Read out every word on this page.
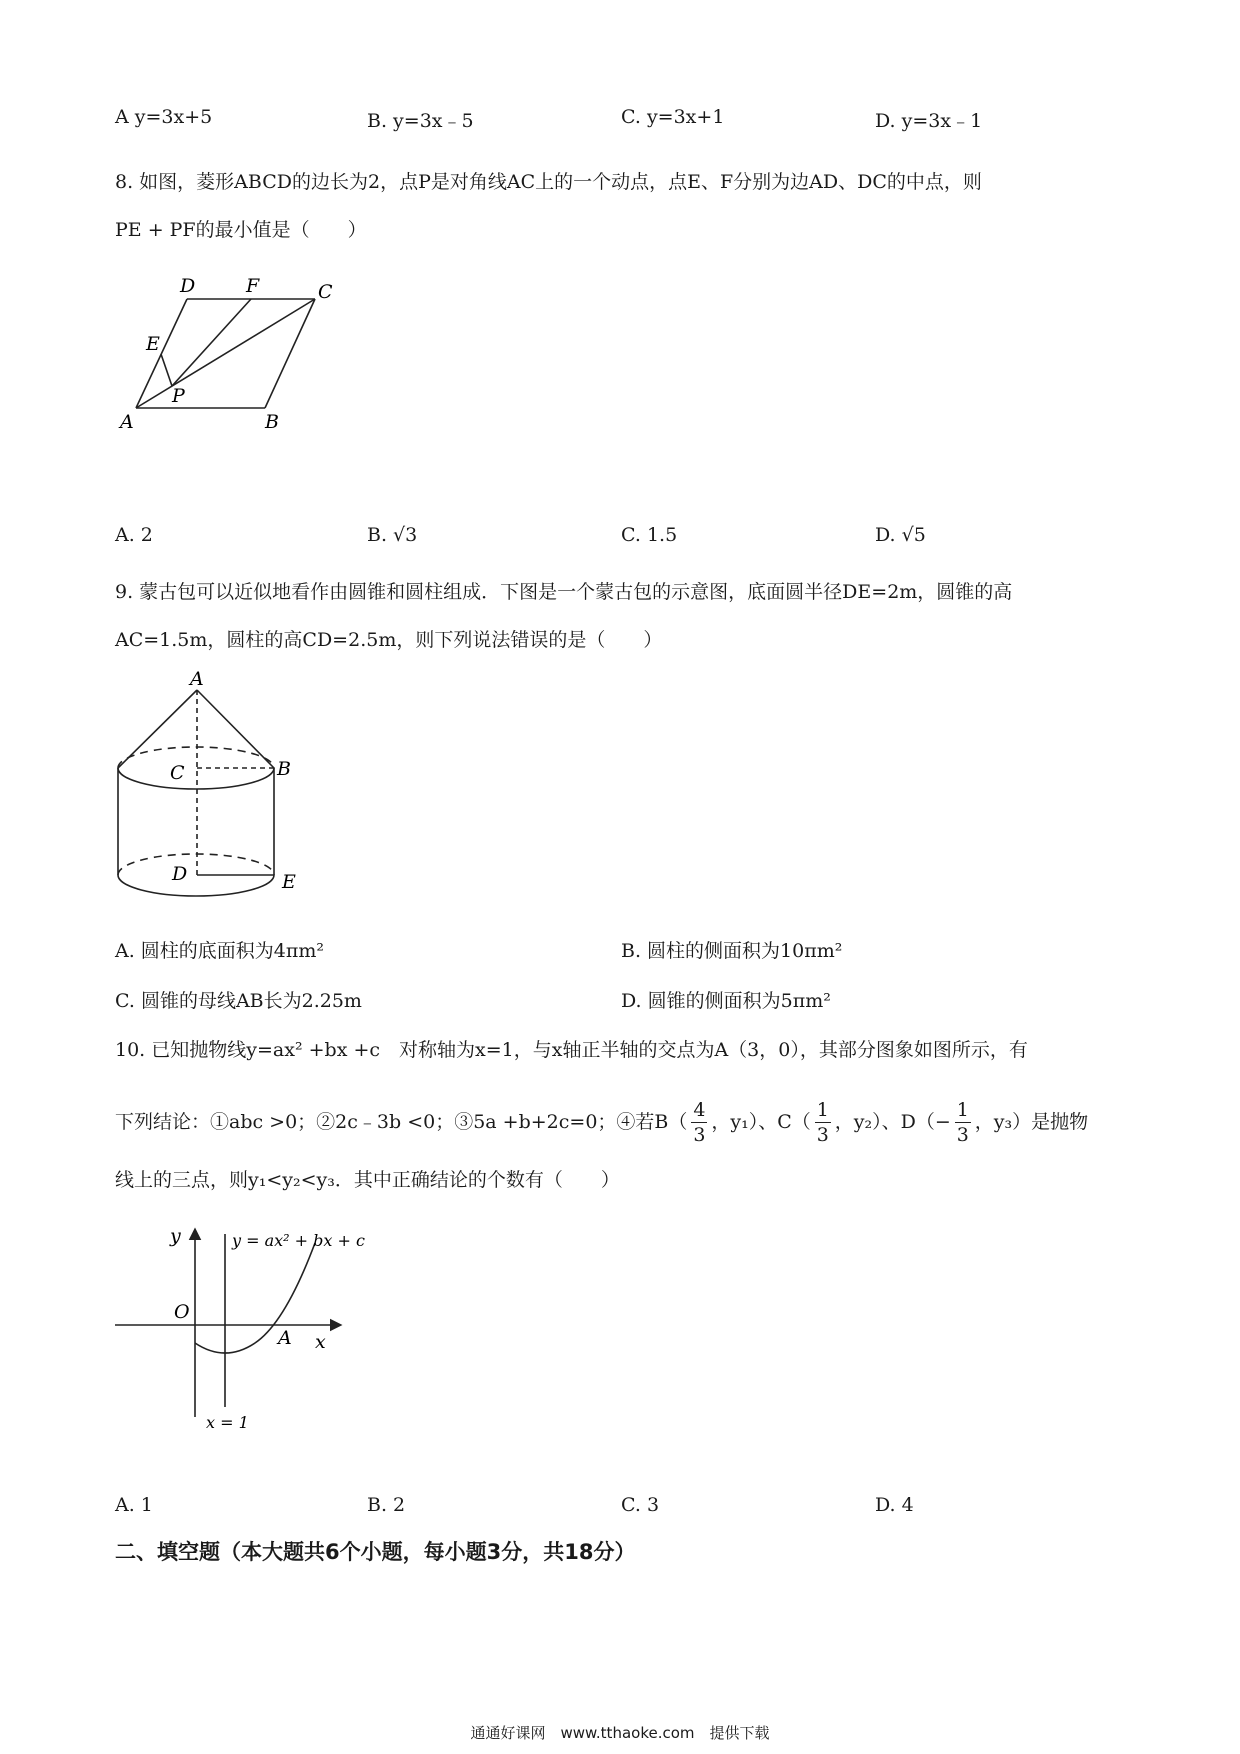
A y=3x+5	B. y=3x﹣5	C. y=3x+1	D. y=3x﹣1
8. 如图，菱形ABCD的边长为2，点P是对角线AC上的一个动点，点E、F分别为边AD、DC的中点，则
PE + PF的最小值是（　　）
A	B
C
D
E
F
P
A. 2	B. √3	C. 1.5	D. √5
9. 蒙古包可以近似地看作由圆锥和圆柱组成．下图是一个蒙古包的示意图，底面圆半径DE=2m，圆锥的高
AC=1.5m，圆柱的高CD=2.5m，则下列说法错误的是（　　）
A
B
C
D	E
A. 圆柱的底面积为4πm²	B. 圆柱的侧面积为10πm²
C. 圆锥的母线AB长为2.25m	D. 圆锥的侧面积为5πm²
10. 已知抛物线y=ax² +bx +c　对称轴为x=1，与x轴正半轴的交点为A（3，0），其部分图象如图所示，有
下列结论：①abc >0；②2c﹣3b <0；③5a +b+2c=0；④若B（
4
3
，y₁）、C（
1
3
，y₂）、D（−
1
3
，y₃）是抛物
线上的三点，则y₁<y₂<y₃．其中正确结论的个数有（　　）
y	y = ax² + bx + c
O
A x
x = 1
A. 1	B. 2	C. 3	D. 4
二、填空题（本大题共6个小题，每小题3分，共18分）
通通好课网　www.tthaoke.com　提供下载
